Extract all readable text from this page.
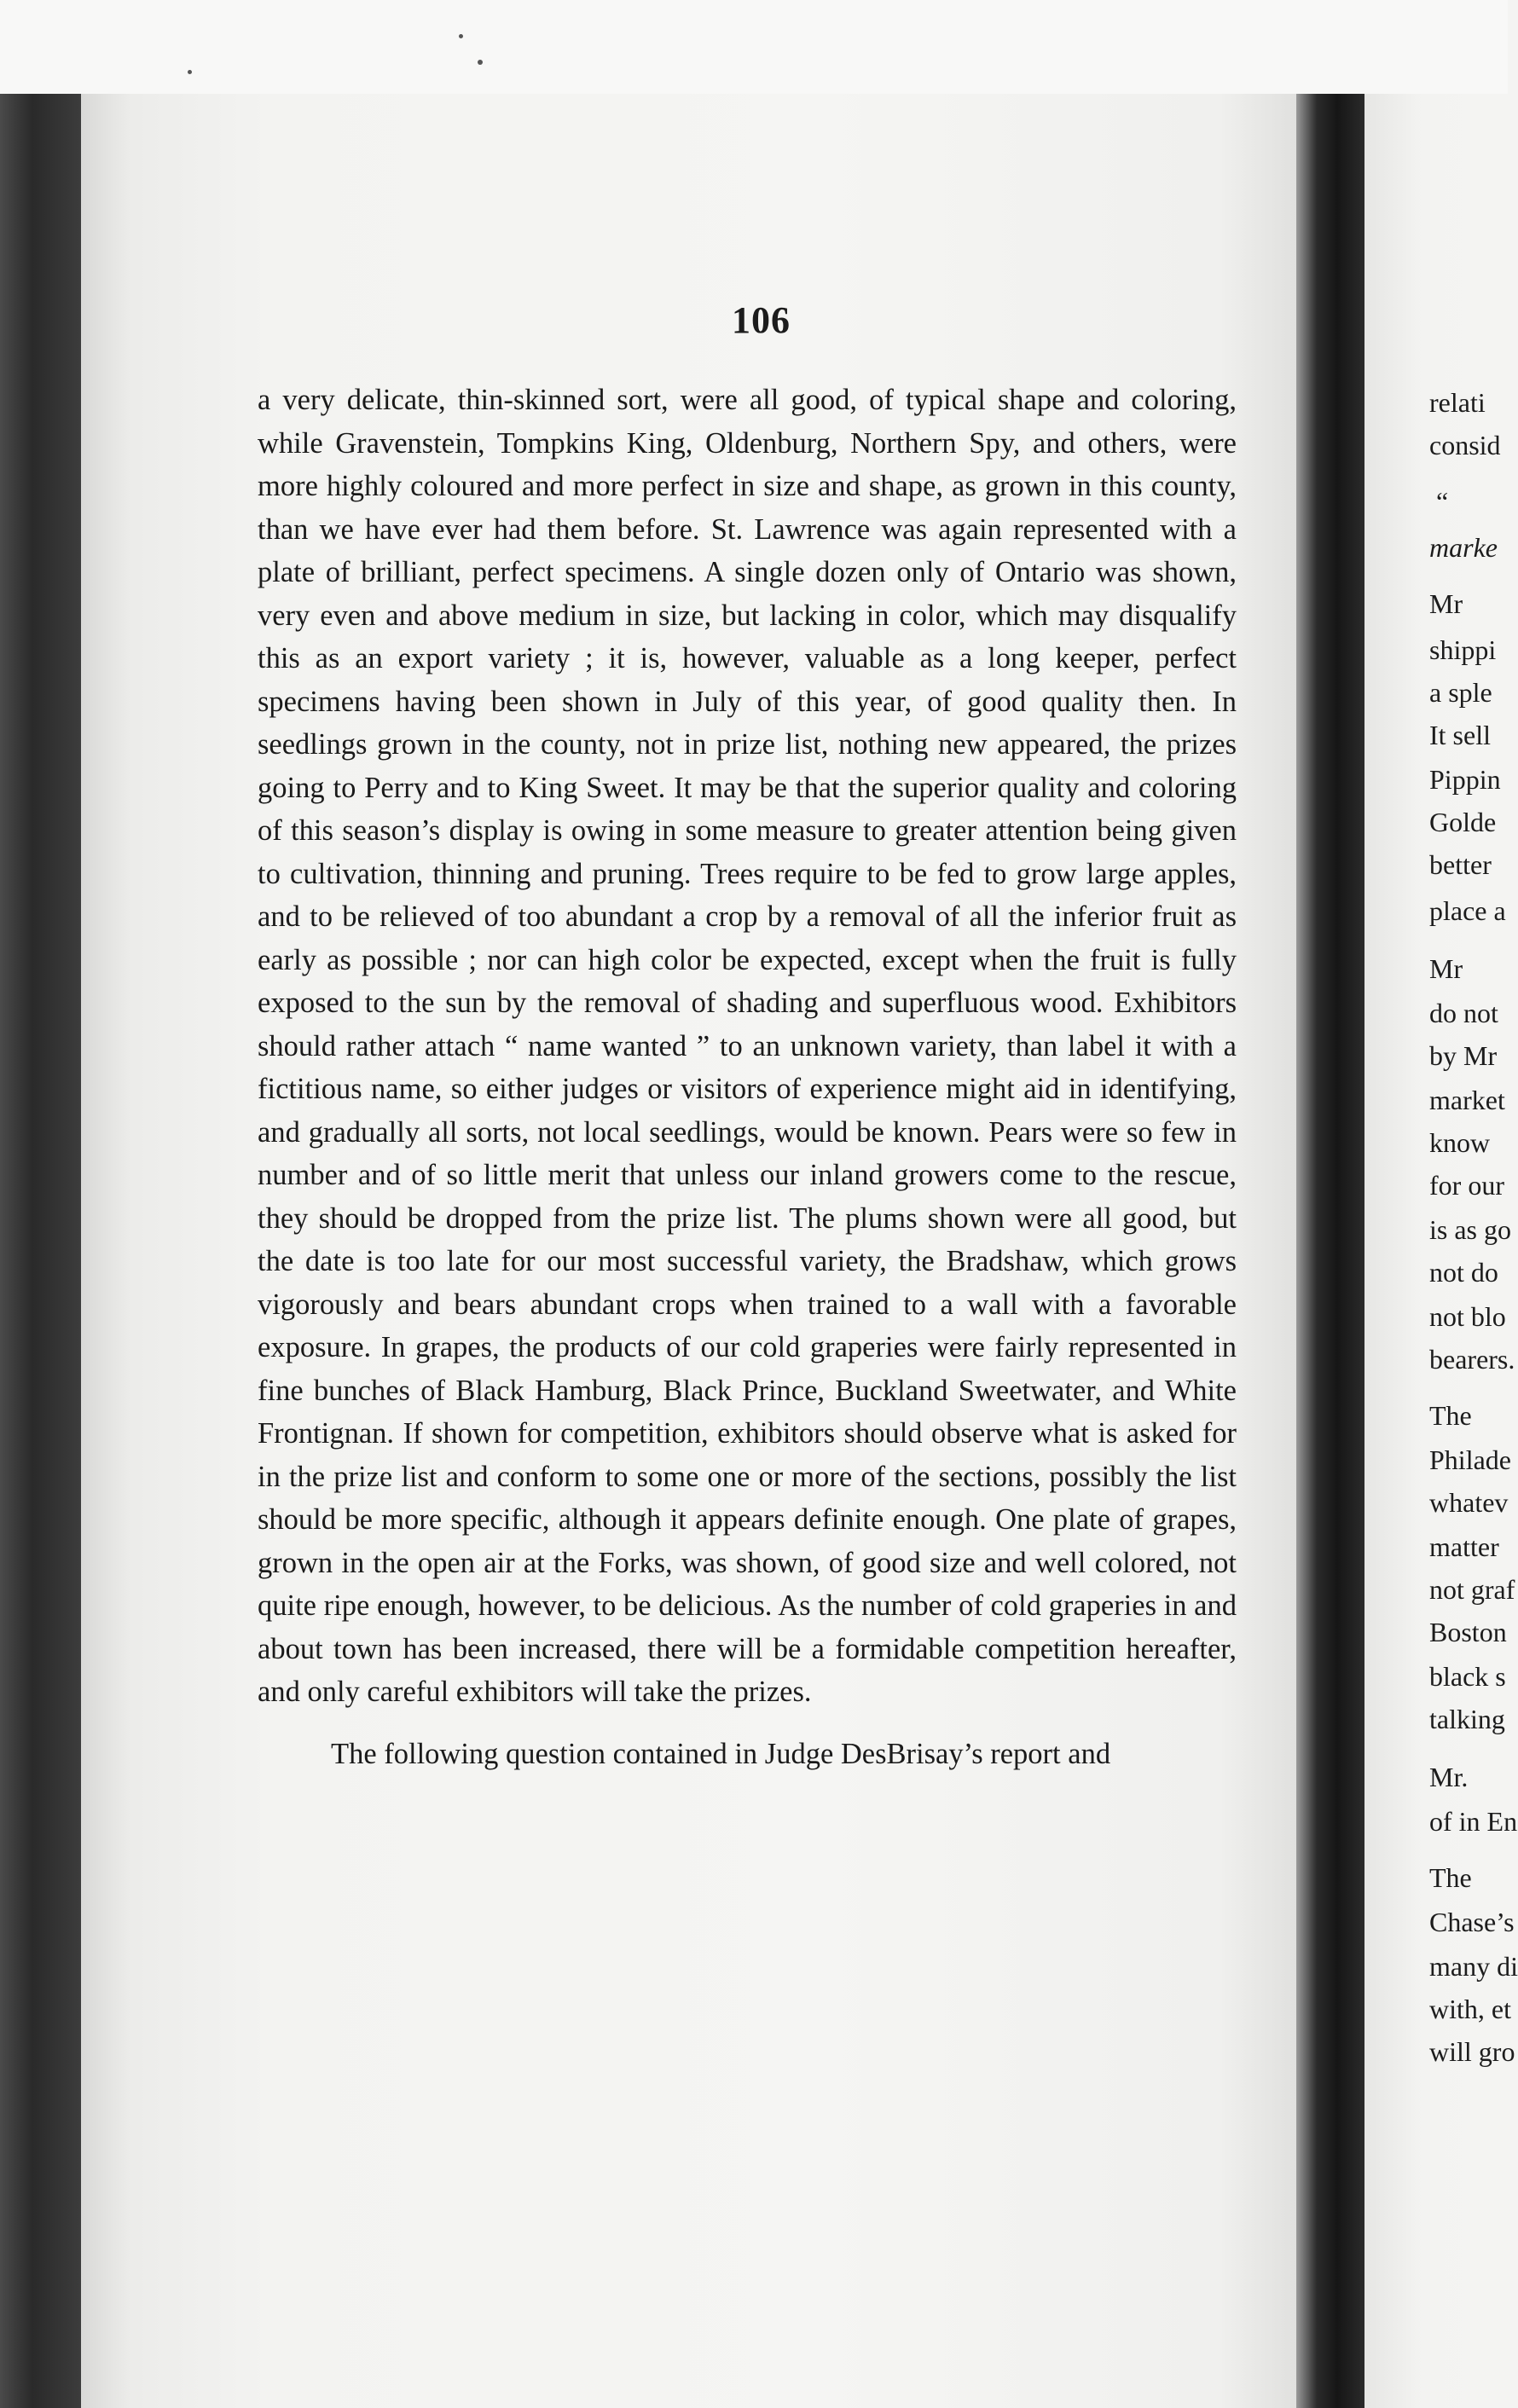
106

a very delicate, thin-skinned sort, were all good, of typical shape and coloring, while Gravenstein, Tompkins King, Oldenburg, Northern Spy, and others, were more highly coloured and more perfect in size and shape, as grown in this county, than we have ever had them before. St. Lawrence was again represented with a plate of brilliant, perfect specimens. A single dozen only of Ontario was shown, very even and above medium in size, but lacking in color, which may disqualify this as an export variety ; it is, however, valuable as a long keeper, perfect specimens having been shown in July of this year, of good quality then. In seedlings grown in the county, not in prize list, nothing new appeared, the prizes going to Perry and to King Sweet. It may be that the superior quality and coloring of this season’s display is owing in some measure to greater attention being given to cultivation, thinning and pruning. Trees require to be fed to grow large apples, and to be relieved of too abundant a crop by a removal of all the inferior fruit as early as possible ; nor can high color be expected, except when the fruit is fully exposed to the sun by the removal of shading and superfluous wood. Exhibitors should rather attach “ name wanted ” to an unknown variety, than label it with a fictitious name, so either judges or visitors of experience might aid in identifying, and gradually all sorts, not local seedlings, would be known. Pears were so few in number and of so little merit that unless our inland growers come to the rescue, they should be dropped from the prize list. The plums shown were all good, but the date is too late for our most successful variety, the Bradshaw, which grows vigorously and bears abundant crops when trained to a wall with a favorable exposure. In grapes, the products of our cold graperies were fairly represented in fine bunches of Black Hamburg, Black Prince, Buckland Sweetwater, and White Frontignan. If shown for competition, exhibitors should observe what is asked for in the prize list and conform to some one or more of the sections, possibly the list should be more specific, although it appears definite enough. One plate of grapes, grown in the open air at the Forks, was shown, of good size and well colored, not quite ripe enough, however, to be delicious. As the number of cold graperies in and about town has been increased, there will be a formidable competition hereafter, and only careful exhibitors will take the prizes.

The following question contained in Judge DesBrisay’s report and

relati
consid
“
marke
Mr
shippi
a sple
It sell
Pippin
Golde
better
place a
Mr
do not
by Mr
market
know
for our
is as go
not do
not blo
bearers.
The
Philade
whatev
matter
not graf
Boston
black s
talking
Mr.
of in En
The
Chase’s
many di
with, et
will gro
